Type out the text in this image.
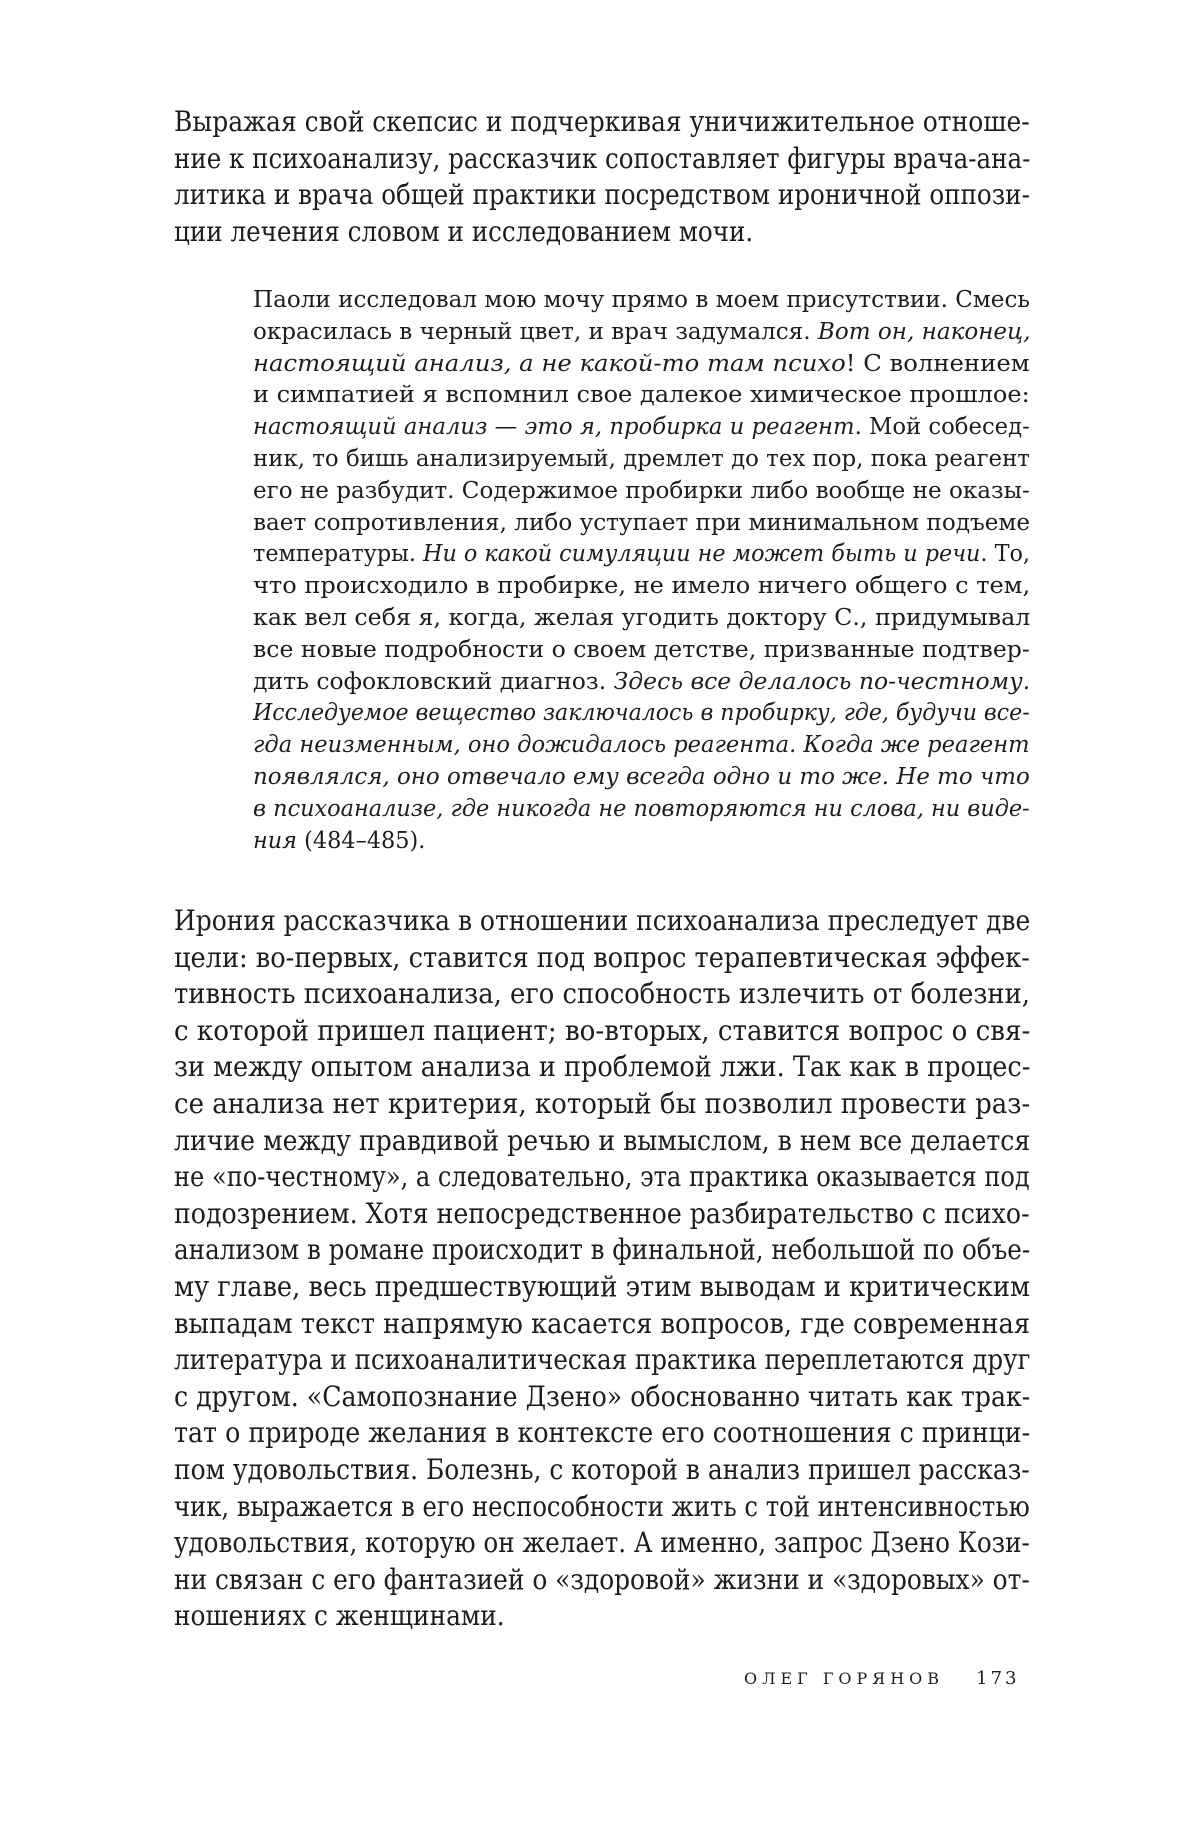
Выражая свой скепсис и подчеркивая уничижительное отноше-
ние к психоанализу, рассказчик сопоставляет фигуры врача-ана-
литика и врача общей практики посредством ироничной оппози-
ции лечения словом и исследованием мочи.
Паоли исследовал мою мочу прямо в моем присутствии. Смесь
окрасилась в черный цвет, и врач задумался. Вот он, наконец,
настоящий анализ, а не какой-то там психо! С волнением
и симпатией я вспомнил свое далекое химическое прошлое:
настоящий анализ — это я, пробирка и реагент. Мой собесед-
ник, то бишь анализируемый, дремлет до тех пор, пока реагент
его не разбудит. Содержимое пробирки либо вообще не оказы-
вает сопротивления, либо уступает при минимальном подъеме
температуры. Ни о какой симуляции не может быть и речи. То,
что происходило в пробирке, не имело ничего общего с тем,
как вел себя я, когда, желая угодить доктору С., придумывал
все новые подробности о своем детстве, призванные подтвер-
дить софокловский диагноз. Здесь все делалось по-честному.
Исследуемое вещество заключалось в пробирку, где, будучи все-
гда неизменным, оно дожидалось реагента. Когда же реагент
появлялся, оно отвечало ему всегда одно и то же. Не то что
в психоанализе, где никогда не повторяются ни слова, ни виде-
ния (484–485).
Ирония рассказчика в отношении психоанализа преследует две
цели: во-первых, ставится под вопрос терапевтическая эффек-
тивность психоанализа, его способность излечить от болезни,
с которой пришел пациент; во-вторых, ставится вопрос о свя-
зи между опытом анализа и проблемой лжи. Так как в процес-
се анализа нет критерия, который бы позволил провести раз-
личие между правдивой речью и вымыслом, в нем все делается
не «по-честному», а следовательно, эта практика оказывается под
подозрением. Хотя непосредственное разбирательство с психо-
анализом в романе происходит в финальной, небольшой по объе-
му главе, весь предшествующий этим выводам и критическим
выпадам текст напрямую касается вопросов, где современная
литература и психоаналитическая практика переплетаются друг
с другом. «Самопознание Дзено» обоснованно читать как трак-
тат о природе желания в контексте его соотношения с принци-
пом удовольствия. Болезнь, с которой в анализ пришел рассказ-
чик, выражается в его неспособности жить с той интенсивностью
удовольствия, которую он желает. А именно, запрос Дзено Кози-
ни связан с его фантазией о «здоровой» жизни и «здоровых» от-
ношениях с женщинами.
ОЛЕГ ГОРЯНОВ 173
